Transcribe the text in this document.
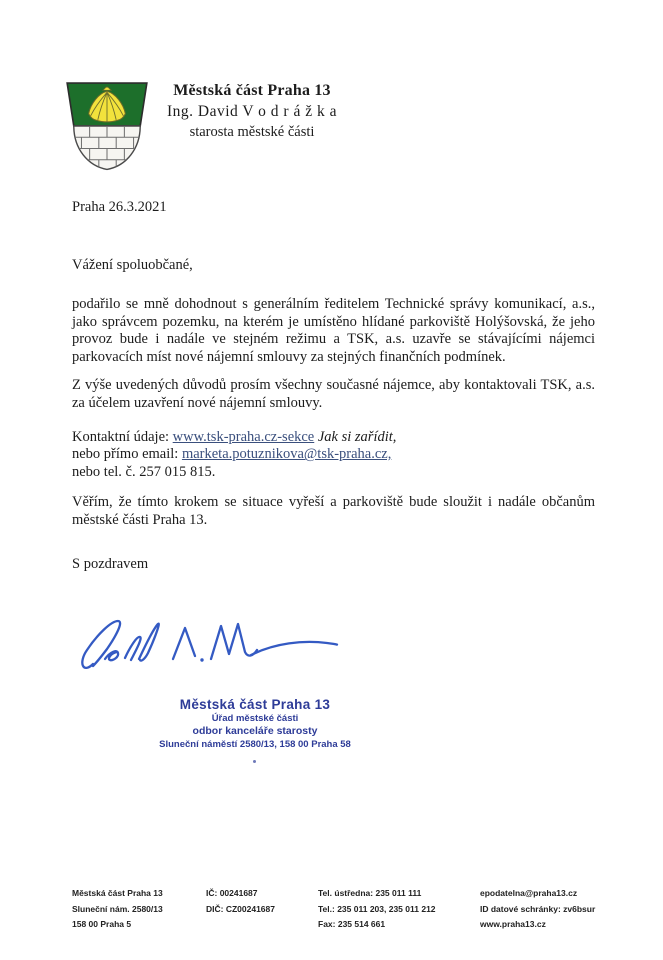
Městská část Praha 13
Ing. David V o d r á ž k a
starosta městské části
Praha 26.3.2021
Vážení spoluobčané,
podařilo se mně dohodnout s generálním ředitelem Technické správy komunikací, a.s., jako správcem pozemku, na kterém je umístěno hlídané parkoviště Holýšovská, že jeho provoz bude i nadále ve stejném režimu a TSK, a.s. uzavře se stávajícími nájemci parkovacích míst nové nájemní smlouvy za stejných finančních podmínek.
Z výše uvedených důvodů prosím všechny současné nájemce, aby kontaktovali TSK, a.s. za účelem uzavření nové nájemní smlouvy.
Kontaktní údaje: www.tsk-praha.cz-sekce Jak si zařídit,
nebo přímo email: marketa.potuznikova@tsk-praha.cz,
nebo tel. č. 257 015 815.
Věřím, že tímto krokem se situace vyřeší a parkoviště bude sloužit i nadále občanům městské části Praha 13.
S pozdravem
Městská část Praha 13
Úřad městské části
odbor kanceláře starosty
Sluneční náměstí 2580/13, 158 00 Praha 58
Městská část Praha 13
Sluneční nám. 2580/13
158 00 Praha 5
IČ: 00241687
DIČ: CZ00241687
Tel. ústředna: 235 011 111
Tel.: 235 011 203, 235 011 212
Fax: 235 514 661
epodatelna@praha13.cz
ID datové schránky: zv6bsur
www.praha13.cz
